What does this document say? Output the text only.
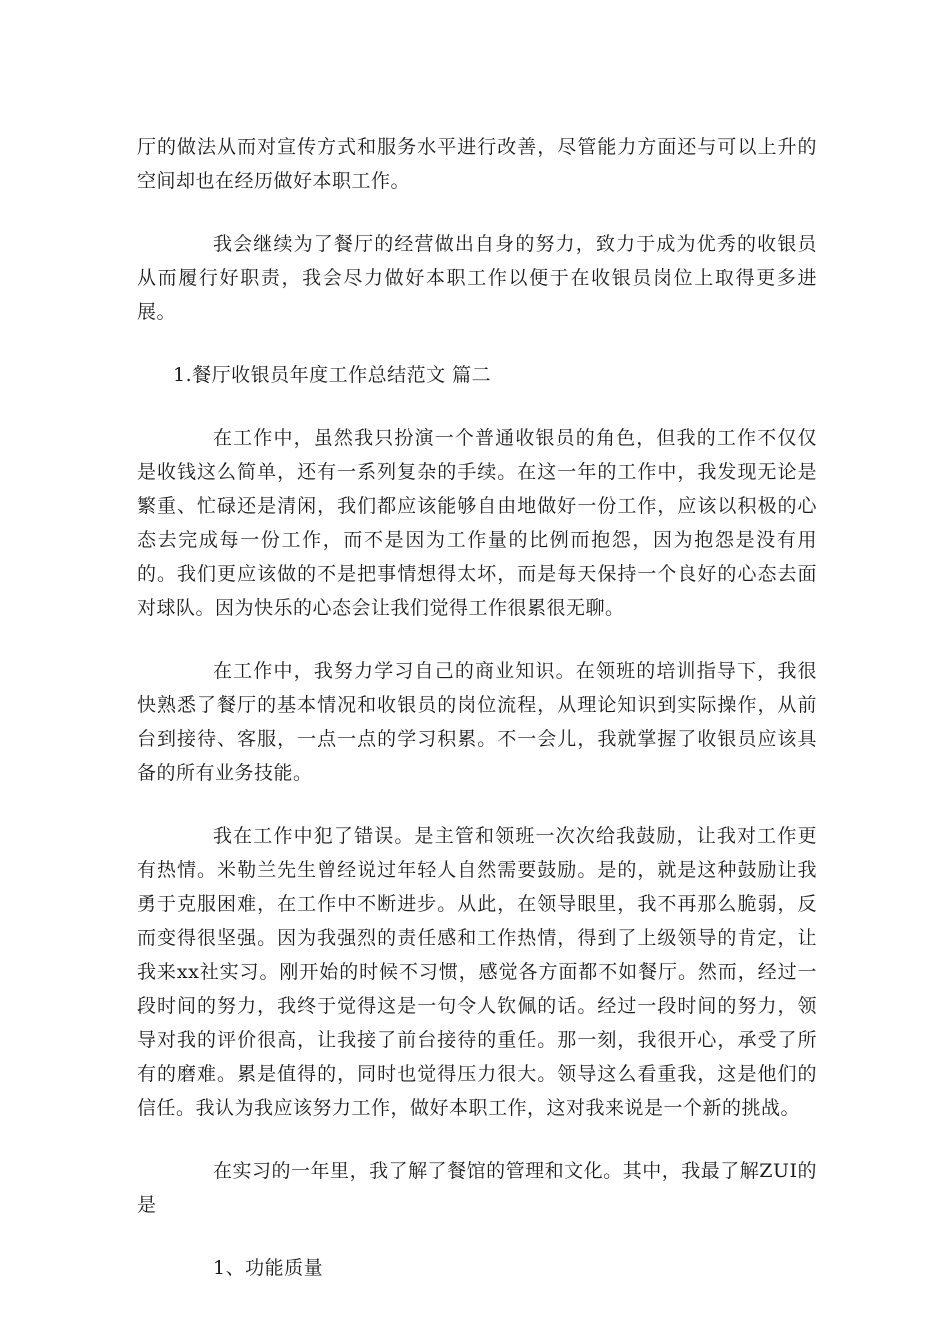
厅的做法从而对宣传方式和服务水平进行改善，尽管能力方面还与可以上升的空间却也在经历做好本职工作。

我会继续为了餐厅的经营做出自身的努力，致力于成为优秀的收银员从而履行好职责，我会尽力做好本职工作以便于在收银员岗位上取得更多进展。

1.餐厅收银员年度工作总结范文 篇二

在工作中，虽然我只扮演一个普通收银员的角色，但我的工作不仅仅是收钱这么简单，还有一系列复杂的手续。在这一年的工作中，我发现无论是繁重、忙碌还是清闲，我们都应该能够自由地做好一份工作，应该以积极的心态去完成每一份工作，而不是因为工作量的比例而抱怨，因为抱怨是没有用的。我们更应该做的不是把事情想得太坏，而是每天保持一个良好的心态去面对球队。因为快乐的心态会让我们觉得工作很累很无聊。

在工作中，我努力学习自己的商业知识。在领班的培训指导下，我很快熟悉了餐厅的基本情况和收银员的岗位流程，从理论知识到实际操作，从前台到接待、客服，一点一点的学习积累。不一会儿，我就掌握了收银员应该具备的所有业务技能。

我在工作中犯了错误。是主管和领班一次次给我鼓励，让我对工作更有热情。米勒兰先生曾经说过年轻人自然需要鼓励。是的，就是这种鼓励让我勇于克服困难，在工作中不断进步。从此，在领导眼里，我不再那么脆弱，反而变得很坚强。因为我强烈的责任感和工作热情，得到了上级领导的肯定，让我来xx社实习。刚开始的时候不习惯，感觉各方面都不如餐厅。然而，经过一段时间的努力，我终于觉得这是一句令人钦佩的话。经过一段时间的努力，领导对我的评价很高，让我接了前台接待的重任。那一刻，我很开心，承受了所有的磨难。累是值得的，同时也觉得压力很大。领导这么看重我，这是他们的信任。我认为我应该努力工作，做好本职工作，这对我来说是一个新的挑战。

在实习的一年里，我了解了餐馆的管理和文化。其中，我最了解ZUI的是

1、功能质量
